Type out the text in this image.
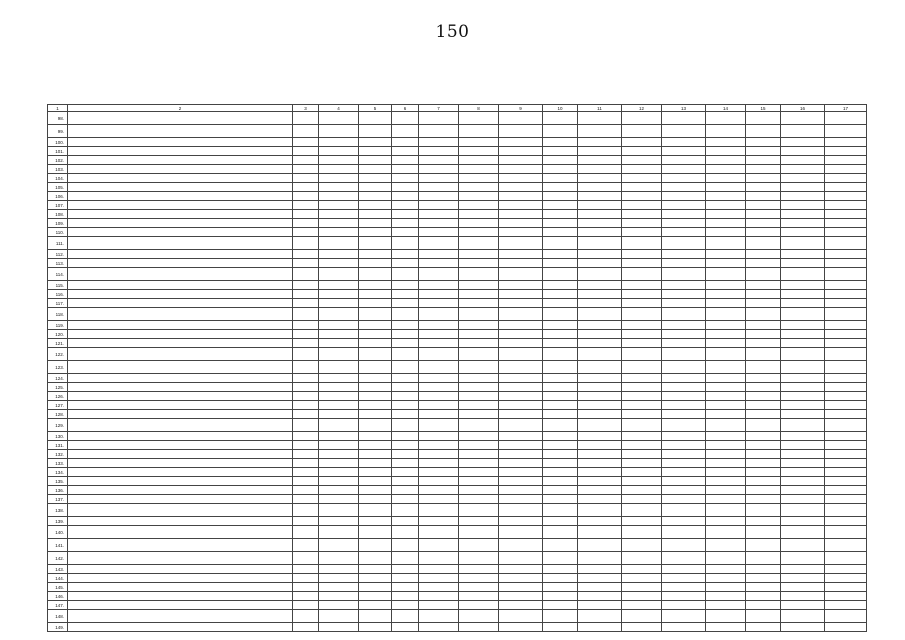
150
1	2	3	4	5	6	7	8	9	10	11	12	13	14	15	16	17
98.																
99.																
100.																
101.																
102.																
103.																
104.																
105.																
106.																
107.																
108.																
109.																
110.																
111.																
112.																
113.																
114.																
115.																
116.																
117.																
118.																
119.																
120.																
121.																
122.																
123.																
124.																
125.																
126.																
127.																
128.																
129.																
130.																
131.																
132.																
133.																
134.																
135.																
136.																
137.																
138.																
139.																
140.																
141.																
142.																
143.																
144.																
145.																
146.																
147.																
148.																
149.																
